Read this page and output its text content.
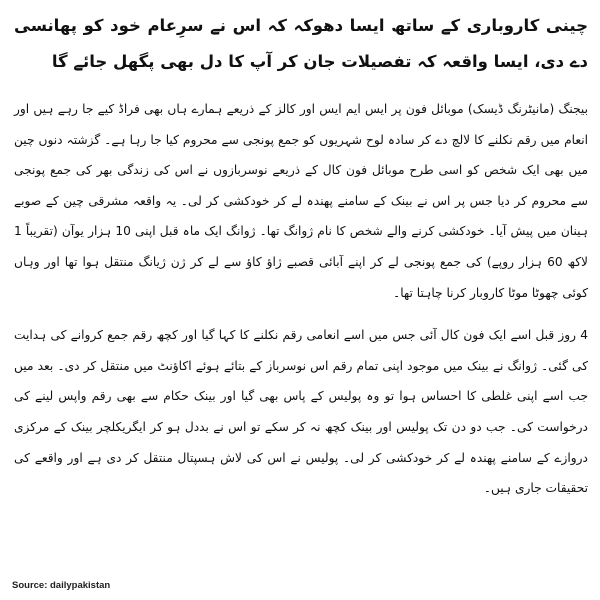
چینی کاروباری کے ساتھ ایسا دھوکہ کہ اس نے سرِعام خود کو پھانسی دے دی، ایسا واقعہ کہ تفصیلات جان کر آپ کا دل بھی پگھل جائے گا

بیجنگ (مانیٹرنگ ڈیسک) موبائل فون پر ایس ایم ایس اور کالز کے ذریعے ہمارے ہاں بھی فراڈ کیے جا رہے ہیں اور انعام میں رقم نکلنے کا لالچ دے کر سادہ لوح شہریوں کو جمع پونجی سے محروم کیا جا رہا ہے۔ گزشتہ دنوں چین میں بھی ایک شخص کو اسی طرح موبائل فون کال کے ذریعے نوسربازوں نے اس کی زندگی بھر کی جمع پونجی سے محروم کر دیا جس پر اس نے بینک کے سامنے پھندہ لے کر خودکشی کر لی۔ یہ واقعہ مشرقی چین کے صوبے ہینان میں پیش آیا۔ خودکشی کرنے والے شخص کا نام ژوانگ تھا۔ ژوانگ ایک ماہ قبل اپنی 10 ہزار یوآن (تقریباً 1 لاکھ 60 ہزار روپے) کی جمع پونجی لے کر اپنے آبائی قصبے ژاؤ کاؤ سے لے کر ژن ژیانگ منتقل ہوا تھا اور وہاں کوئی چھوٹا موٹا کاروبار کرنا چاہتا تھا۔

4 روز قبل اسے ایک فون کال آئی جس میں اسے انعامی رقم نکلنے کا کہا گیا اور کچھ رقم جمع کروانے کی ہدایت کی گئی۔ ژوانگ نے بینک میں موجود اپنی تمام رقم اس نوسرباز کے بتائے ہوئے اکاؤنٹ میں منتقل کر دی۔ بعد میں جب اسے اپنی غلطی کا احساس ہوا تو وہ پولیس کے پاس بھی گیا اور بینک حکام سے بھی رقم واپس لینے کی درخواست کی۔ جب دو دن تک پولیس اور بینک کچھ نہ کر سکے تو اس نے بددل ہو کر ایگریکلچر بینک کے مرکزی دروازے کے سامنے پھندہ لے کر خودکشی کر لی۔ پولیس نے اس کی لاش ہسپتال منتقل کر دی ہے اور واقعے کی تحقیقات جاری ہیں۔

Source: dailypakistan
